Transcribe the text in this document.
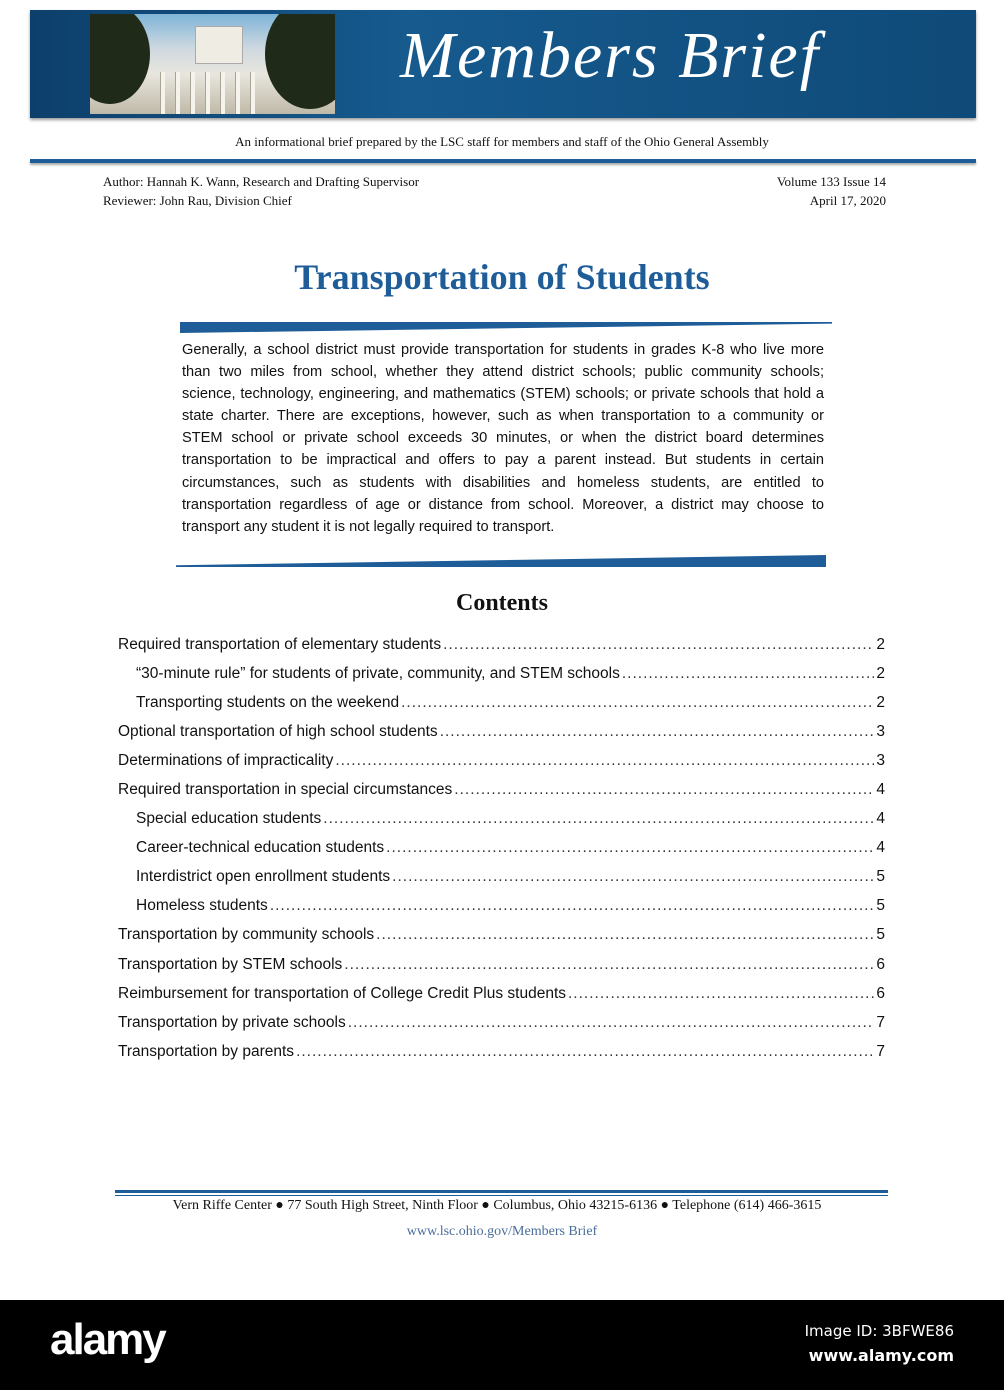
Members Brief
An informational brief prepared by the LSC staff for members and staff of the Ohio General Assembly
Author: Hannah K. Wann, Research and Drafting Supervisor
Reviewer: John Rau, Division Chief
Volume 133 Issue 14
April 17, 2020
Transportation of Students
Generally, a school district must provide transportation for students in grades K-8 who live more than two miles from school, whether they attend district schools; public community schools; science, technology, engineering, and mathematics (STEM) schools; or private schools that hold a state charter. There are exceptions, however, such as when transportation to a community or STEM school or private school exceeds 30 minutes, or when the district board determines transportation to be impractical and offers to pay a parent instead. But students in certain circumstances, such as students with disabilities and homeless students, are entitled to transportation regardless of age or distance from school. Moreover, a district may choose to transport any student it is not legally required to transport.
Contents
Required transportation of elementary students .....	2
“30-minute rule” for students of private, community, and STEM schools .....	2
Transporting students on the weekend .....	2
Optional transportation of high school students .....	3
Determinations of impracticality .....	3
Required transportation in special circumstances .....	4
Special education students .....	4
Career-technical education students .....	4
Interdistrict open enrollment students .....	5
Homeless students .....	5
Transportation by community schools .....	5
Transportation by STEM schools .....	6
Reimbursement for transportation of College Credit Plus students .....	6
Transportation by private schools .....	7
Transportation by parents .....	7
Vern Riffe Center ● 77 South High Street, Ninth Floor ● Columbus, Ohio 43215-6136 ● Telephone (614) 466-3615
www.lsc.ohio.gov/Members Brief
alamy	Image ID: 3BFWE86
www.alamy.com
